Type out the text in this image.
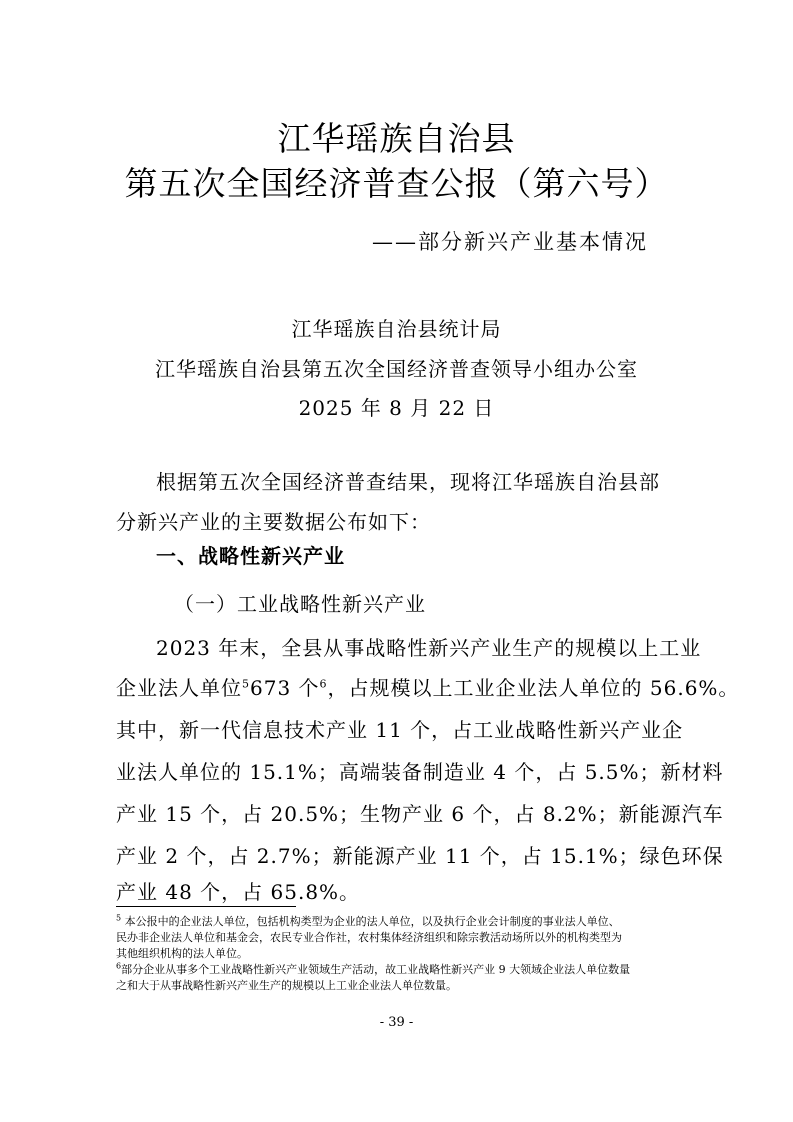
江华瑶族自治县
第五次全国经济普查公报（第六号）
——部分新兴产业基本情况
江华瑶族自治县统计局
江华瑶族自治县第五次全国经济普查领导小组办公室
2025 年 8 月 22 日

根据第五次全国经济普查结果，现将江华瑶族自治县部

分新兴产业的主要数据公布如下：

一、战略性新兴产业
（一）工业战略性新兴产业

2023 年末，全县从事战略性新兴产业生产的规模以上工业

企业法人单位$^5$673 个$^6$，占规模以上工业企业法人单位的 56.6%。

其中，新一代信息技术产业 11 个，占工业战略性新兴产业企

业法人单位的 15.1%；高端装备制造业 4 个，占 5.5%；新材料

产业 15 个，占 20.5%；生物产业 6 个，占 8.2%；新能源汽车

产业 2 个，占 2.7%；新能源产业 11 个，占 15.1%；绿色环保

产业 48 个，占 65.8%。

$^5$ 本公报中的企业法人单位，包括机构类型为企业的法人单位，以及执行企业会计制度的事业法人单位、

民办非企业法人单位和基金会，农民专业合作社，农村集体经济组织和除宗教活动场所以外的机构类型为

其他组织机构的法人单位。

$^6$部分企业从事多个工业战略性新兴产业领域生产活动，故工业战略性新兴产业 9 大领域企业法人单位数量

之和大于从事战略性新兴产业生产的规模以上工业企业法人单位数量。

- 39 -
